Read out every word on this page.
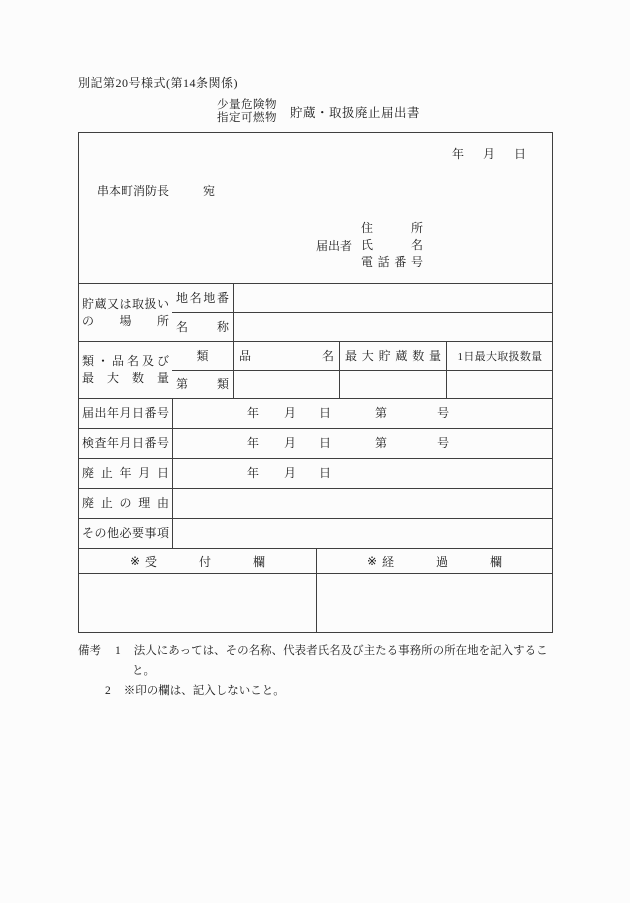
別記第20号様式(第14条関係)
少量危険物
指定可燃物 貯蔵・取扱廃止届出書
年 月 日
串本町消防長	宛
届出者
住所
氏名
電話番号
貯蔵又は取扱い
の場所
地名地番
名称
類・品名及び
最大数量
類	品	名 最大貯蔵数量 1日最大取扱数量
第 類
届出年月日番号	年 月 日	第	号
検査年月日番号	年 月 日	第	号
廃止年月日	年 月 日
廃止の理由
その他必要事項
※ 受	付	欄	※ 経	過	欄
備考 1 法人にあっては、その名称、代表者氏名及び主たる事務所の所在地を記入するこ
と。
2 ※印の欄は、記入しないこと。
